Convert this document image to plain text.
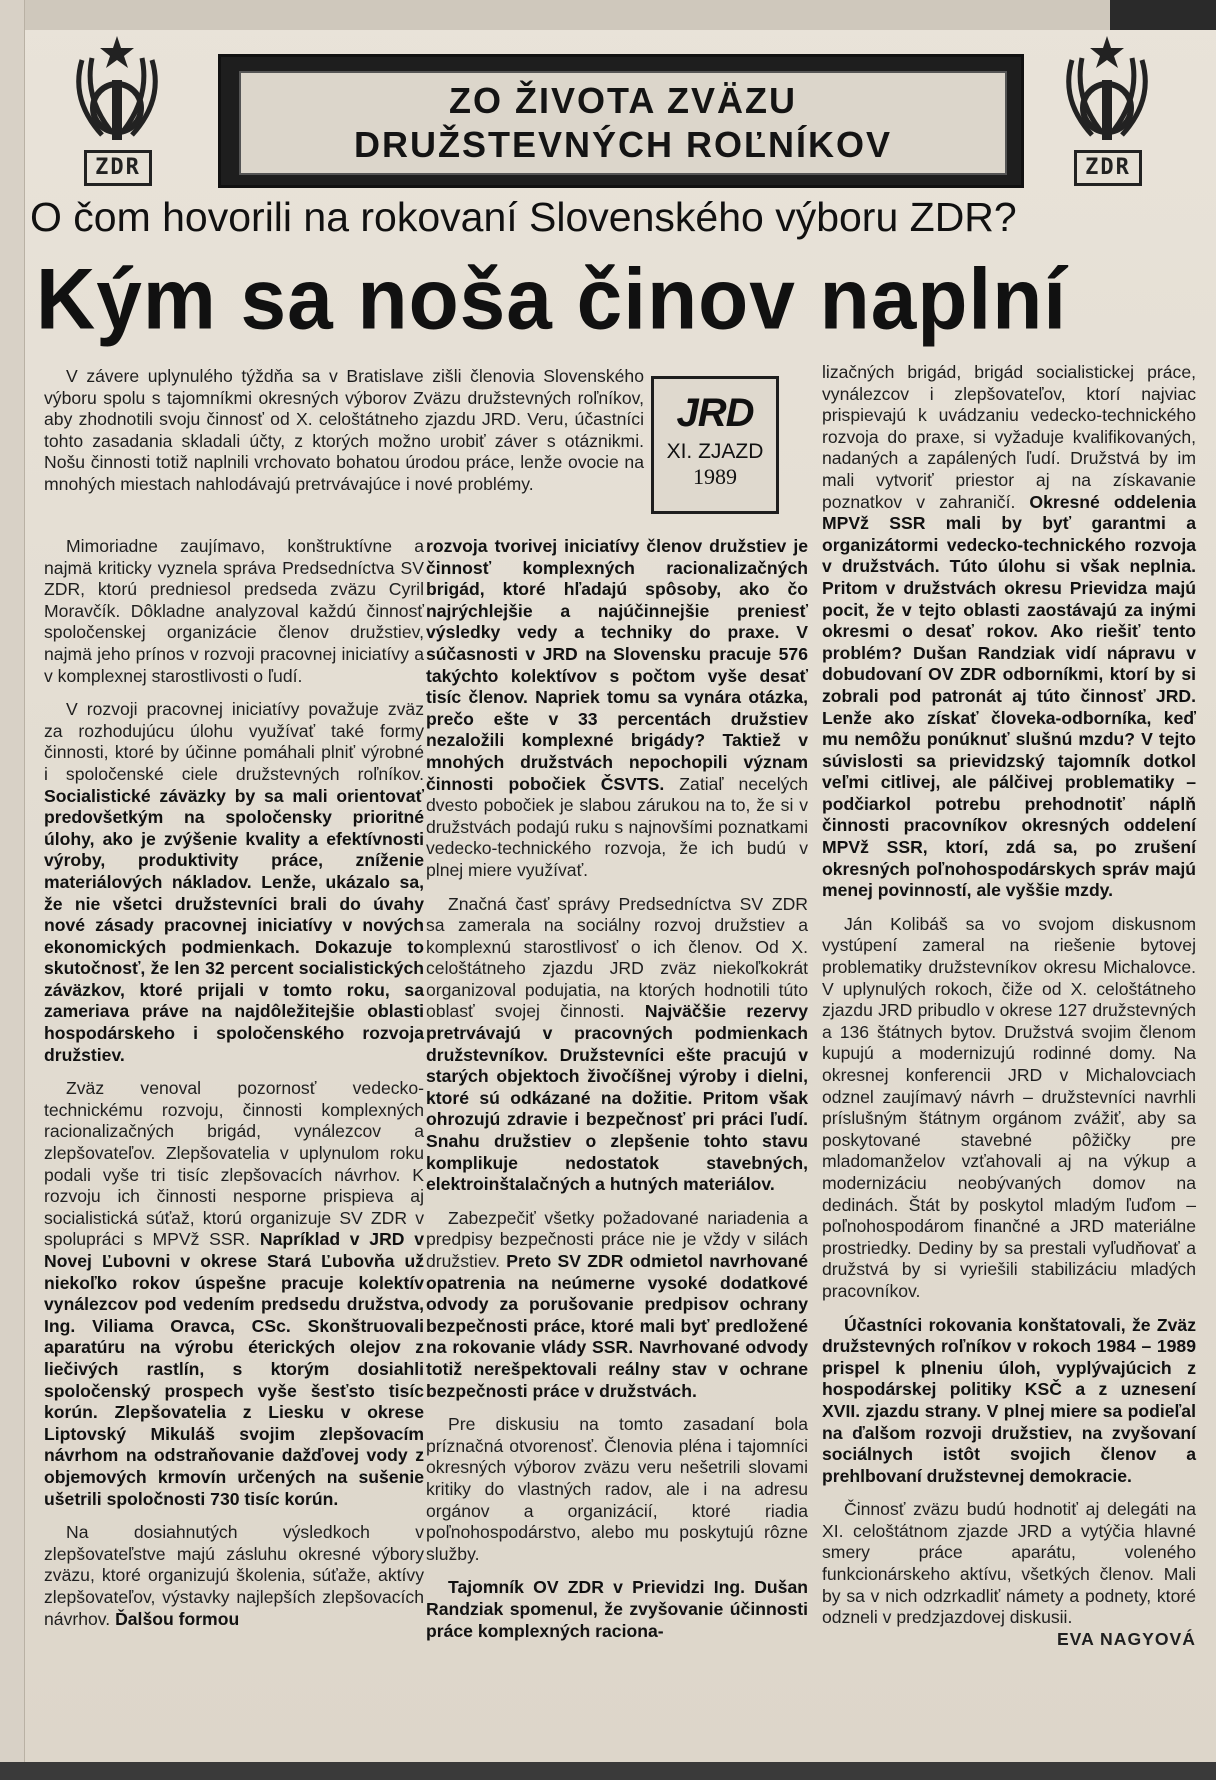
ZDR
ZO ŽIVOTA ZVÄZU
DRUŽSTEVNÝCH ROĽNÍKOV
ZDR
O čom hovorili na rokovaní Slovenského výboru ZDR?
Kým sa noša činov naplní

V závere uplynulého týždňa sa v Bratislave zišli členovia Slovenského výboru spolu s tajomníkmi okresných výborov Zväzu družstevných roľníkov, aby zhodnotili svoju činnosť od X. celoštátneho zjazdu JRD. Veru, účastníci tohto zasadania skladali účty, z ktorých možno urobiť záver s otáznikmi. Nošu činnosti totiž naplnili vrchovato bohatou úrodou práce, lenže ovocie na mnohých miestach nahlodávajú pretrvávajúce i nové problémy.

JRD
XI. ZJAZD
1989

Mimoriadne zaujímavo, konštruktívne a najmä kriticky vyznela správa Predsedníctva SV ZDR, ktorú predniesol predseda zväzu Cyril Moravčík. Dôkladne analyzoval každú činnosť spoločenskej organizácie členov družstiev, najmä jeho prínos v rozvoji pracovnej iniciatívy a v komplexnej starostlivosti o ľudí.

V rozvoji pracovnej iniciatívy považuje zväz za rozhodujúcu úlohu využívať také formy činnosti, ktoré by účinne pomáhali plniť výrobné i spoločenské ciele družstevných roľníkov. Socialistické záväzky by sa mali orientovať predovšetkým na spoločensky prioritné úlohy, ako je zvýšenie kvality a efektívnosti výroby, produktivity práce, zníženie materiálových nákladov. Lenže, ukázalo sa, že nie všetci družstevníci brali do úvahy nové zásady pracovnej iniciatívy v nových ekonomických podmienkach. Dokazuje to skutočnosť, že len 32 percent socialistických záväzkov, ktoré prijali v tomto roku, sa zameriava práve na najdôležitejšie oblasti hospodárskeho i spoločenského rozvoja družstiev.

Zväz venoval pozornosť vedecko-technickému rozvoju, činnosti komplexných racionalizačných brigád, vynálezcov a zlepšovateľov. Zlepšovatelia v uplynulom roku podali vyše tri tisíc zlepšovacích návrhov. K rozvoju ich činnosti nesporne prispieva aj socialistická súťaž, ktorú organizuje SV ZDR v spolupráci s MPVž SSR. Napríklad v JRD v Novej Ľubovni v okrese Stará Ľubovňa už niekoľko rokov úspešne pracuje kolektív vynálezcov pod vedením predsedu družstva, Ing. Viliama Oravca, CSc. Skonštruovali aparatúru na výrobu éterických olejov z liečivých rastlín, s ktorým dosiahli spoločenský prospech vyše šesťsto tisíc korún. Zlepšovatelia z Liesku v okrese Liptovský Mikuláš svojim zlepšovacím návrhom na odstraňovanie dažďovej vody z objemových krmovín určených na sušenie ušetrili spoločnosti 730 tisíc korún.

Na dosiahnutých výsledkoch v zlepšovateľstve majú zásluhu okresné výbory zväzu, ktoré organizujú školenia, súťaže, aktívy zlepšovateľov, výstavky najlepších zlepšovacích návrhov. Ďalšou formou

rozvoja tvorivej iniciatívy členov družstiev je činnosť komplexných racionalizačných brigád, ktoré hľadajú spôsoby, ako čo najrýchlejšie a najúčinnejšie preniesť výsledky vedy a techniky do praxe. V súčasnosti v JRD na Slovensku pracuje 576 takýchto kolektívov s počtom vyše desať tisíc členov. Napriek tomu sa vynára otázka, prečo ešte v 33 percentách družstiev nezaložili komplexné brigády? Taktiež v mnohých družstvách nepochopili význam činnosti pobočiek ČSVTS. Zatiaľ necelých dvesto pobočiek je slabou zárukou na to, že si v družstvách podajú ruku s najnovšími poznatkami vedecko-technického rozvoja, že ich budú v plnej miere využívať.

Značná časť správy Predsedníctva SV ZDR sa zamerala na sociálny rozvoj družstiev a komplexnú starostlivosť o ich členov. Od X. celoštátneho zjazdu JRD zväz niekoľkokrát organizoval podujatia, na ktorých hodnotili túto oblasť svojej činnosti. Najväčšie rezervy pretrvávajú v pracovných podmienkach družstevníkov. Družstevníci ešte pracujú v starých objektoch živočíšnej výroby i dielni, ktoré sú odkázané na dožitie. Pritom však ohrozujú zdravie i bezpečnosť pri práci ľudí. Snahu družstiev o zlepšenie tohto stavu komplikuje nedostatok stavebných, elektroinštalačných a hutných materiálov.

Zabezpečiť všetky požadované nariadenia a predpisy bezpečnosti práce nie je vždy v silách družstiev. Preto SV ZDR odmietol navrhované opatrenia na neúmerne vysoké dodatkové odvody za porušovanie predpisov ochrany bezpečnosti práce, ktoré mali byť predložené na rokovanie vlády SSR. Navrhované odvody totiž nerešpektovali reálny stav v ochrane bezpečnosti práce v družstvách.

Pre diskusiu na tomto zasadaní bola príznačná otvorenosť. Členovia pléna i tajomníci okresných výborov zväzu veru nešetrili slovami kritiky do vlastných radov, ale i na adresu orgánov a organizácií, ktoré riadia poľnohospodárstvo, alebo mu poskytujú rôzne služby.

Tajomník OV ZDR v Prievidzi Ing. Dušan Randziak spomenul, že zvyšovanie účinnosti práce komplexných raciona-

lizačných brigád, brigád socialistickej práce, vynálezcov i zlepšovateľov, ktorí najviac prispievajú k uvádzaniu vedecko-technického rozvoja do praxe, si vyžaduje kvalifikovaných, nadaných a zapálených ľudí. Družstvá by im mali vytvoriť priestor aj na získavanie poznatkov v zahraničí. Okresné oddelenia MPVž SSR mali by byť garantmi a organizátormi vedecko-technického rozvoja v družstvách. Túto úlohu si však neplnia. Pritom v družstvách okresu Prievidza majú pocit, že v tejto oblasti zaostávajú za inými okresmi o desať rokov. Ako riešiť tento problém? Dušan Randziak vidí nápravu v dobudovaní OV ZDR odborníkmi, ktorí by si zobrali pod patronát aj túto činnosť JRD. Lenže ako získať človeka-odborníka, keď mu nemôžu ponúknuť slušnú mzdu? V tejto súvislosti sa prievidzský tajomník dotkol veľmi citlivej, ale pálčivej problematiky – podčiarkol potrebu prehodnotiť náplň činnosti pracovníkov okresných oddelení MPVž SSR, ktorí, zdá sa, po zrušení okresných poľnohospodárskych správ majú menej povinností, ale vyššie mzdy.

Ján Kolibáš sa vo svojom diskusnom vystúpení zameral na riešenie bytovej problematiky družstevníkov okresu Michalovce. V uplynulých rokoch, čiže od X. celoštátneho zjazdu JRD pribudlo v okrese 127 družstevných a 136 štátnych bytov. Družstvá svojim členom kupujú a modernizujú rodinné domy. Na okresnej konferencii JRD v Michalovciach odznel zaujímavý návrh – družstevníci navrhli príslušným štátnym orgánom zvážiť, aby sa poskytované stavebné pôžičky pre mladomanželov vzťahovali aj na výkup a modernizáciu neobývaných domov na dedinách. Štát by poskytol mladým ľuďom – poľnohospodárom finančné a JRD materiálne prostriedky. Dediny by sa prestali vyľudňovať a družstvá by si vyriešili stabilizáciu mladých pracovníkov.

Účastníci rokovania konštatovali, že Zväz družstevných roľníkov v rokoch 1984 – 1989 prispel k plneniu úloh, vyplývajúcich z hospodárskej politiky KSČ a z uznesení XVII. zjazdu strany. V plnej miere sa podieľal na ďalšom rozvoji družstiev, na zvyšovaní sociálnych istôt svojich členov a prehlbovaní družstevnej demokracie.

Činnosť zväzu budú hodnotiť aj delegáti na XI. celoštátnom zjazde JRD a vytýčia hlavné smery práce aparátu, voleného funkcionárskeho aktívu, všetkých členov. Mali by sa v nich odzrkadliť námety a podnety, ktoré odzneli v predzjazdovej diskusii.

EVA NAGYOVÁ
